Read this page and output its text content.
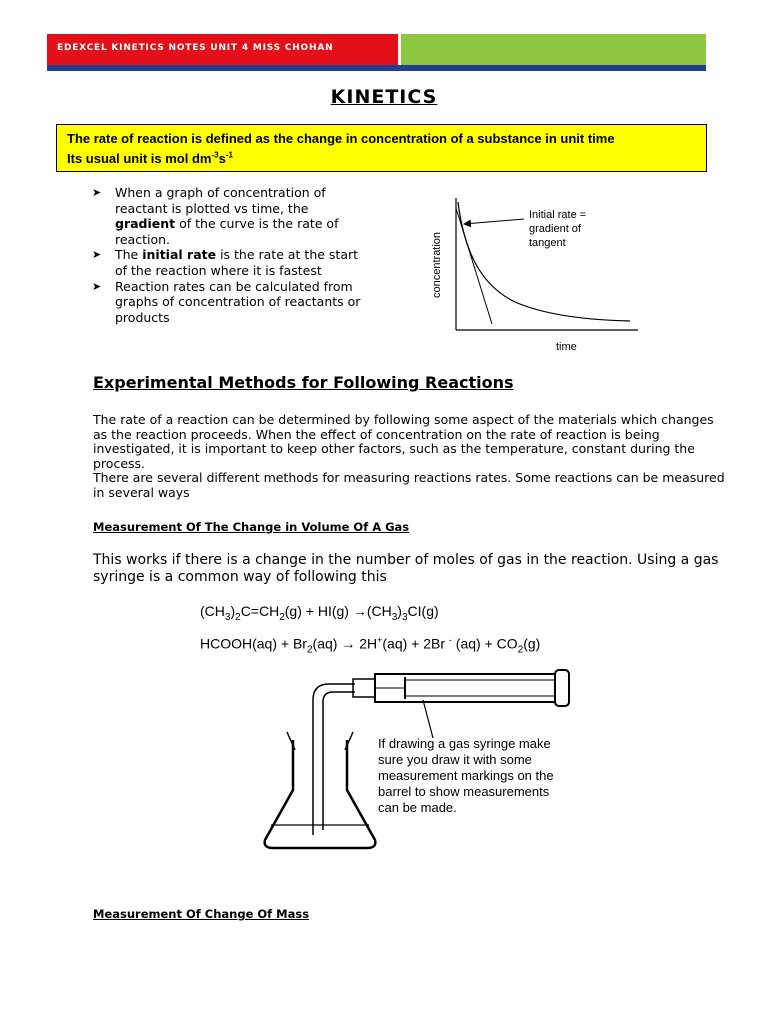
EDEXCEL KINETICS NOTES UNIT 4 MISS CHOHAN
KINETICS
The rate of reaction is defined as the change in concentration of a substance in unit time
Its usual unit is mol $dm^{-3}s^{-1}$
➤ When a graph of concentration of reactant is plotted vs time, the gradient of the curve is the rate of reaction.
➤ The initial rate is the rate at the start of the reaction where it is fastest
➤ Reaction rates can be calculated from graphs of concentration of reactants or products
Initial rate =
gradient of
tangent
concentration
time
Experimental Methods for Following Reactions
The rate of a reaction can be determined by following some aspect of the materials which changes
as the reaction proceeds. When the effect of concentration on the rate of reaction is being
investigated, it is important to keep other factors, such as the temperature, constant during the
process.
There are several different methods for measuring reactions rates. Some reactions can be measured
in several ways
Measurement Of The Change in Volume Of A Gas
This works if there is a change in the number of moles of gas in the reaction. Using a gas
syringe is a common way of following this
$(CH_3)_2C=CH_2(g) + HI(g) \to(CH_3)_3CI(g)$
HCOOH(aq) + $Br_2(aq) \to 2H^+(aq) + 2Br$ - $(aq) + CO_2(g)$
If drawing a gas syringe make
sure you draw it with some
measurement markings on the
barrel to show measurements
can be made.
Measurement Of Change Of Mass
